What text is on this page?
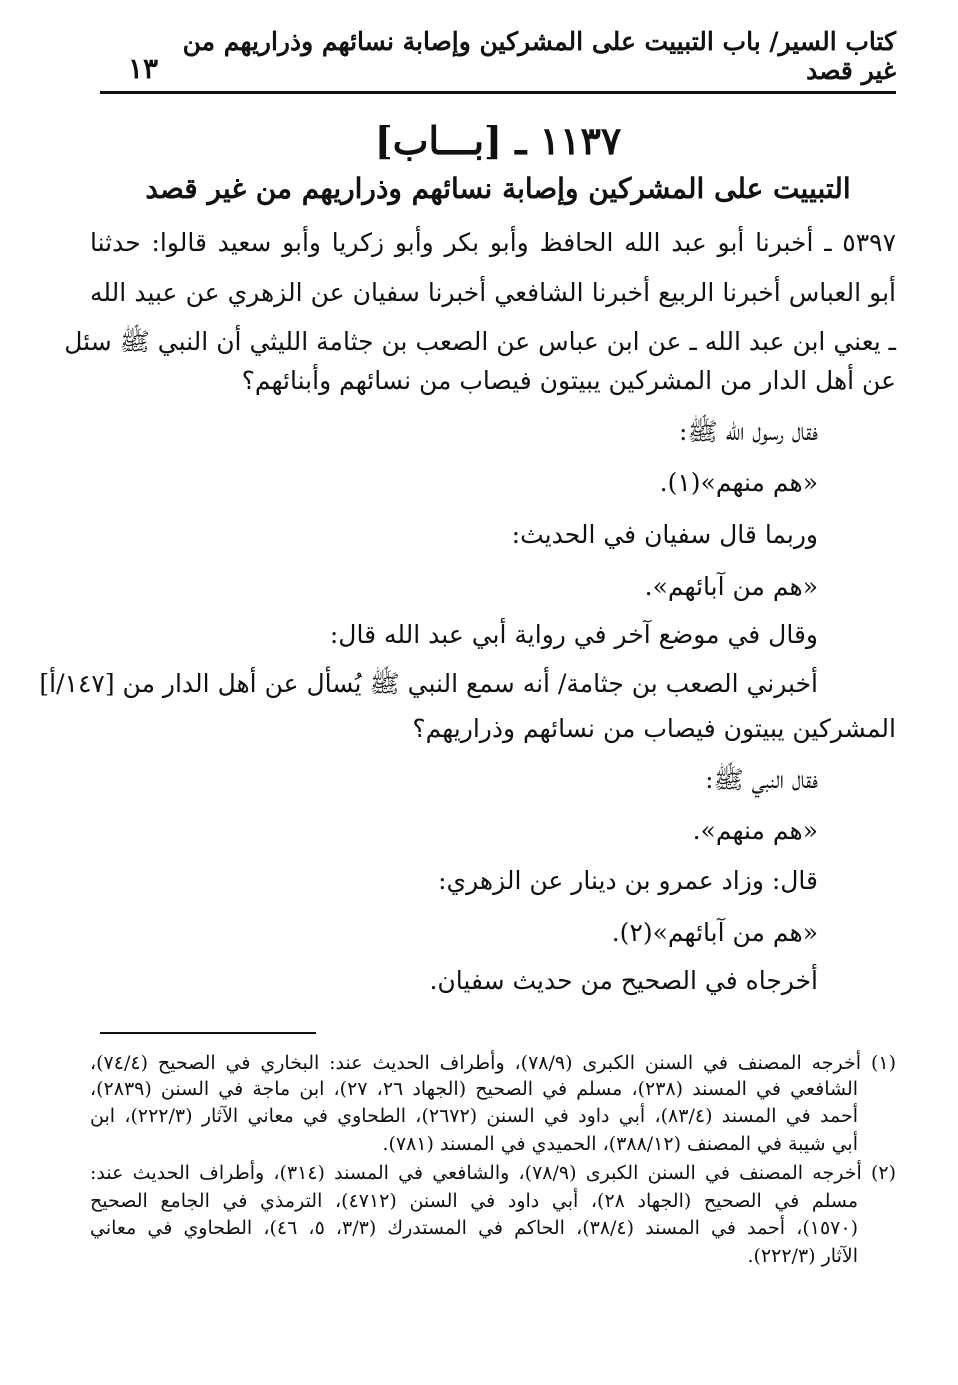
١٣
كتاب السير/ باب التبييت على المشركين وإصابة نسائهم وذراريهم من غير قصد
١١٣٧ ـ [بـــاب]
التبييت على المشركين وإصابة نسائهم وذراريهم من غير قصد
٥٣٩٧ ـ أخبرنا أبو عبد الله الحافظ وأبو بكر وأبو زكريا وأبو سعيد قالوا: حدثنا
أبو العباس أخبرنا الربيع أخبرنا الشافعي أخبرنا سفيان عن الزهري عن عبيد الله
ـ يعني ابن عبد الله ـ عن ابن عباس عن الصعب بن جثامة الليثي أن النبي ﷺ سئل
عن أهل الدار من المشركين يبيتون فيصاب من نسائهم وأبنائهم؟
فقال رسول الله ﷺ:
«هم منهم»(١).
وربما قال سفيان في الحديث:
«هم من آبائهم».
وقال في موضع آخر في رواية أبي عبد الله قال:
أخبرني الصعب بن جثامة/ أنه سمع النبي ﷺ يُسأل عن أهل الدار من [١٤٧/أ]
المشركين يبيتون فيصاب من نسائهم وذراريهم؟
فقال النبي ﷺ:
«هم منهم».
قال: وزاد عمرو بن دينار عن الزهري:
«هم من آبائهم»(٢).
أخرجاه في الصحيح من حديث سفيان.
(١) أخرجه المصنف في السنن الكبرى (٧٨/٩)، وأطراف الحديث عند: البخاري في الصحيح (٧٤/٤)،
الشافعي في المسند (٢٣٨)، مسلم في الصحيح (الجهاد ٢٦، ٢٧)، ابن ماجة في السنن (٢٨٣٩)،
أحمد في المسند (٨٣/٤)، أبي داود في السنن (٢٦٧٢)، الطحاوي في معاني الآثار (٢٢٢/٣)، ابن
أبي شيبة في المصنف (٣٨٨/١٢)، الحميدي في المسند (٧٨١).
(٢) أخرجه المصنف في السنن الكبرى (٧٨/٩)، والشافعي في المسند (٣١٤)، وأطراف الحديث عند:
مسلم في الصحيح (الجهاد ٢٨)، أبي داود في السنن (٤٧١٢)، الترمذي في الجامع الصحيح
(١٥٧٠)، أحمد في المسند (٣٨/٤)، الحاكم في المستدرك (٣/٣، ٥، ٤٦)، الطحاوي في معاني
الآثار (٢٢٢/٣).
